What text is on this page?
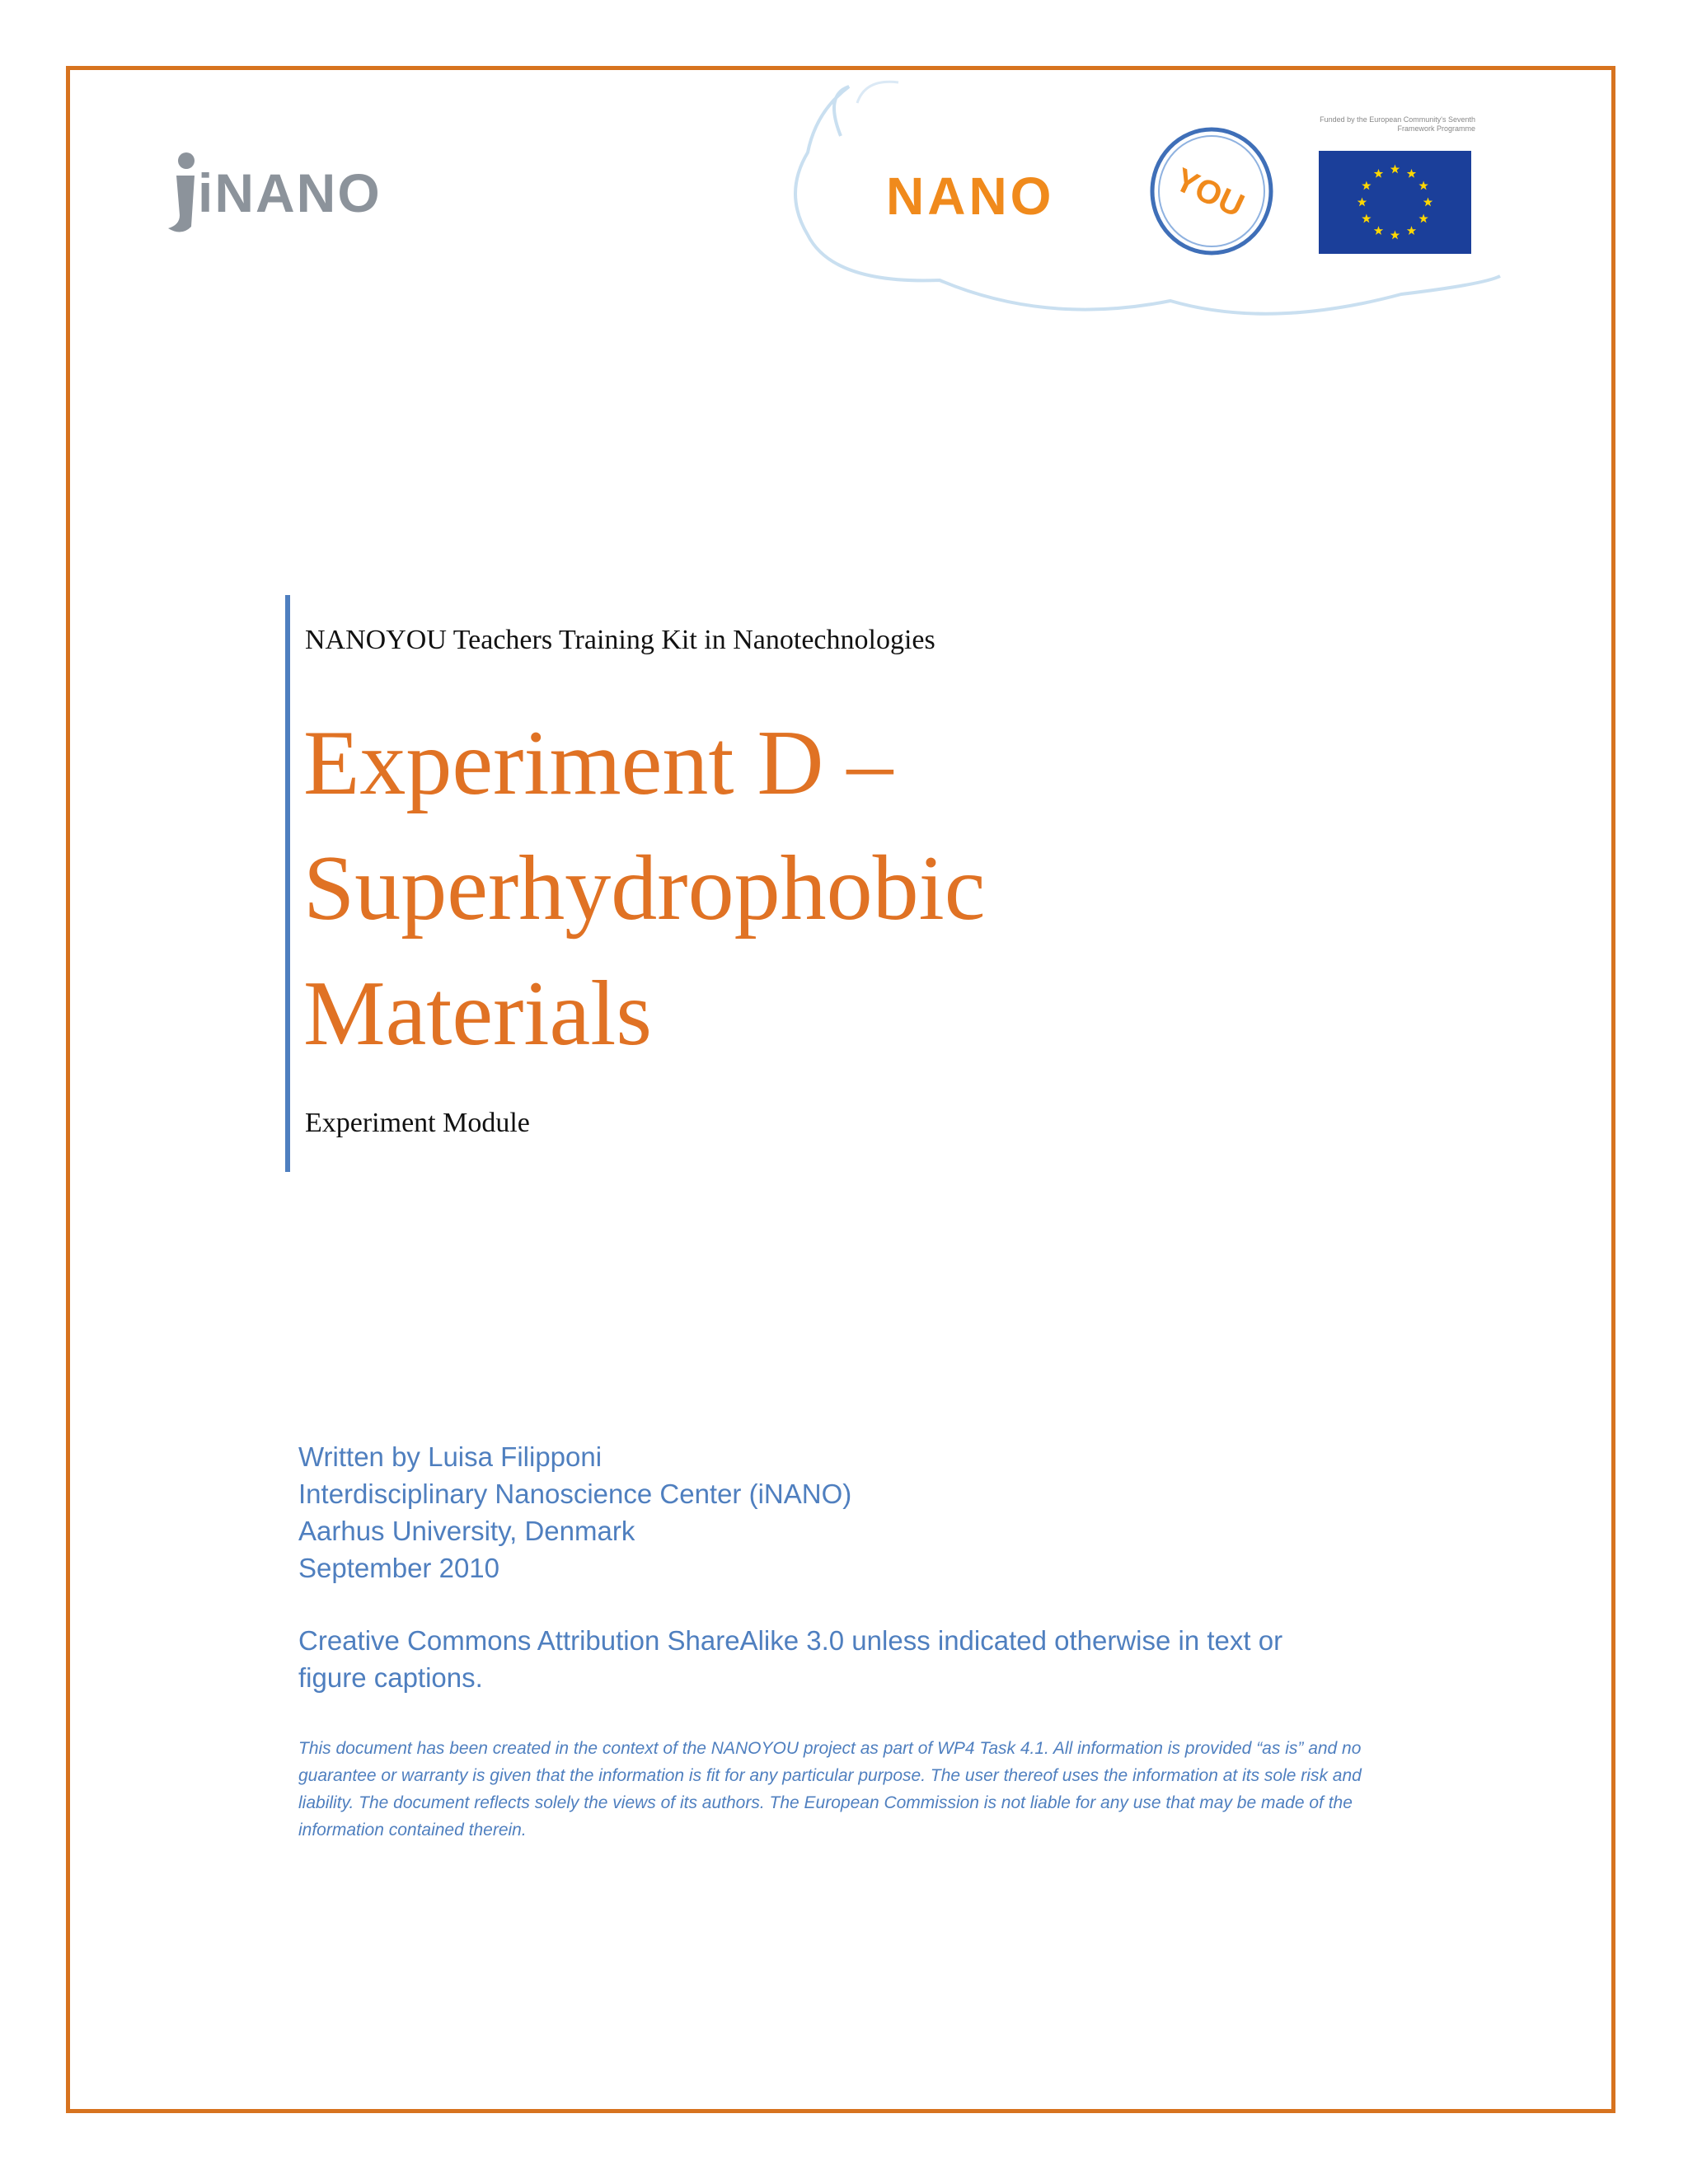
iNANO	NANO	YOU
Funded by the European Community's Seventh Framework Programme
NANOYOU Teachers Training Kit in Nanotechnologies
Experiment D –
Superhydrophobic
Materials
Experiment Module
Written by Luisa Filipponi
Interdisciplinary Nanoscience Center (iNANO)
Aarhus University, Denmark
September 2010
Creative Commons Attribution ShareAlike 3.0 unless indicated otherwise in text or
figure captions.
This document has been created in the context of the NANOYOU project as part of WP4 Task 4.1. All information is provided “as is” and no guarantee or warranty is given that the information is fit for any particular purpose. The user thereof uses the information at its sole risk and liability. The document reflects solely the views of its authors. The European Commission is not liable for any use that may be made of the information contained therein.
